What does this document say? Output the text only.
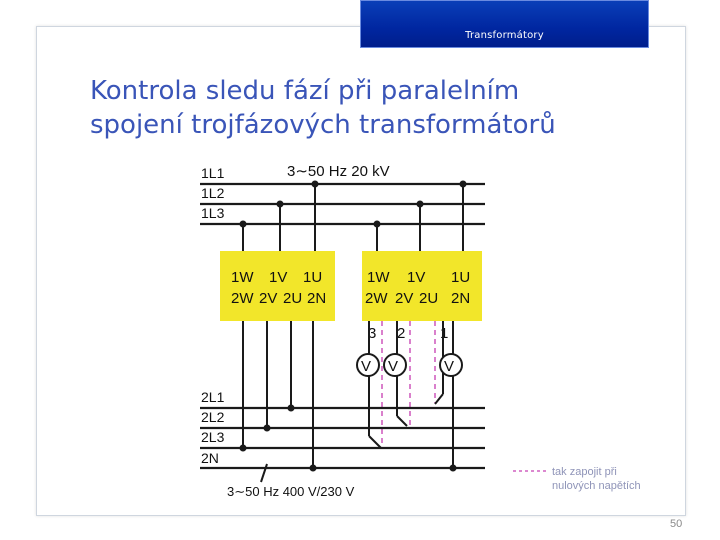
Transformátory
Kontrola sledu fází při paralelním
spojení trojfázových transformátorů
3∼50 Hz 20 kV
1L1
1L2
1L3
1W 1V 1U
2W 2V 2U 2N
1W 1V 1U
2W 2V 2U 2N
3 2 1
V V	V
2L1
2L2
2L3
2N
3∼50 Hz 400 V/230 V
tak zapojit při
nulových napětích
50
